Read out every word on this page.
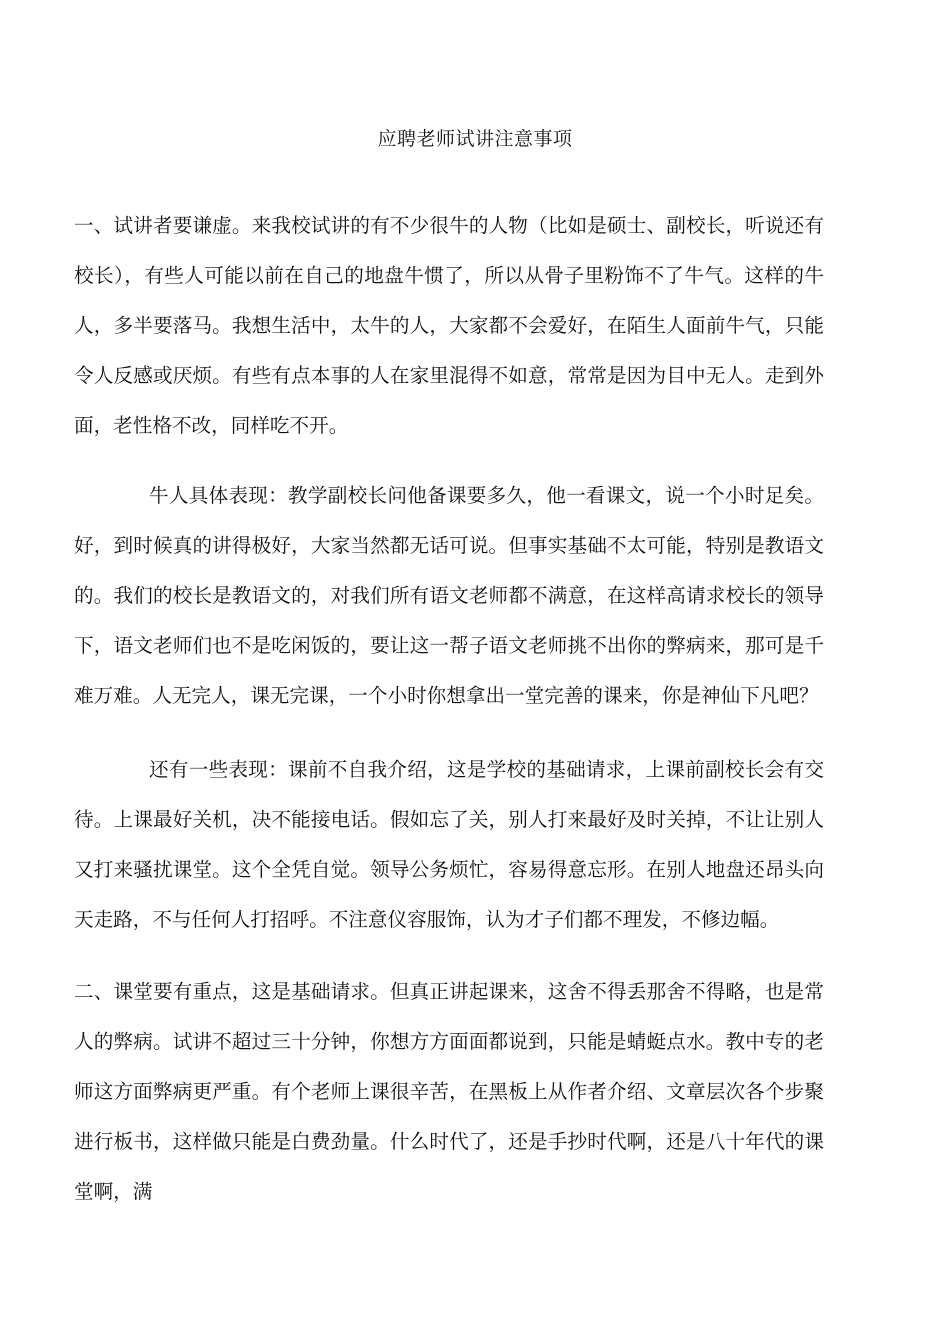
应聘老师试讲注意事项

一、试讲者要谦虚。来我校试讲的有不少很牛的人物（比如是硕士、副校长，听说还有校长），有些人可能以前在自己的地盘牛惯了，所以从骨子里粉饰不了牛气。这样的牛人，多半要落马。我想生活中，太牛的人，大家都不会爱好，在陌生人面前牛气，只能令人反感或厌烦。有些有点本事的人在家里混得不如意，常常是因为目中无人。走到外面，老性格不改，同样吃不开。

牛人具体表现：教学副校长问他备课要多久，他一看课文，说一个小时足矣。好，到时候真的讲得极好，大家当然都无话可说。但事实基础不太可能，特别是教语文的。我们的校长是教语文的，对我们所有语文老师都不满意，在这样高请求校长的领导下，语文老师们也不是吃闲饭的，要让这一帮子语文老师挑不出你的弊病来，那可是千难万难。人无完人，课无完课，一个小时你想拿出一堂完善的课来，你是神仙下凡吧？

还有一些表现：课前不自我介绍，这是学校的基础请求，上课前副校长会有交待。上课最好关机，决不能接电话。假如忘了关，别人打来最好及时关掉，不让让别人又打来骚扰课堂。这个全凭自觉。领导公务烦忙，容易得意忘形。在别人地盘还昂头向天走路，不与任何人打招呼。不注意仪容服饰，认为才子们都不理发，不修边幅。

二、课堂要有重点，这是基础请求。但真正讲起课来，这舍不得丢那舍不得略，也是常人的弊病。试讲不超过三十分钟，你想方方面面都说到，只能是蜻蜓点水。教中专的老师这方面弊病更严重。有个老师上课很辛苦，在黑板上从作者介绍、文章层次各个步聚进行板书，这样做只能是白费劲量。什么时代了，还是手抄时代啊，还是八十年代的课堂啊，满
